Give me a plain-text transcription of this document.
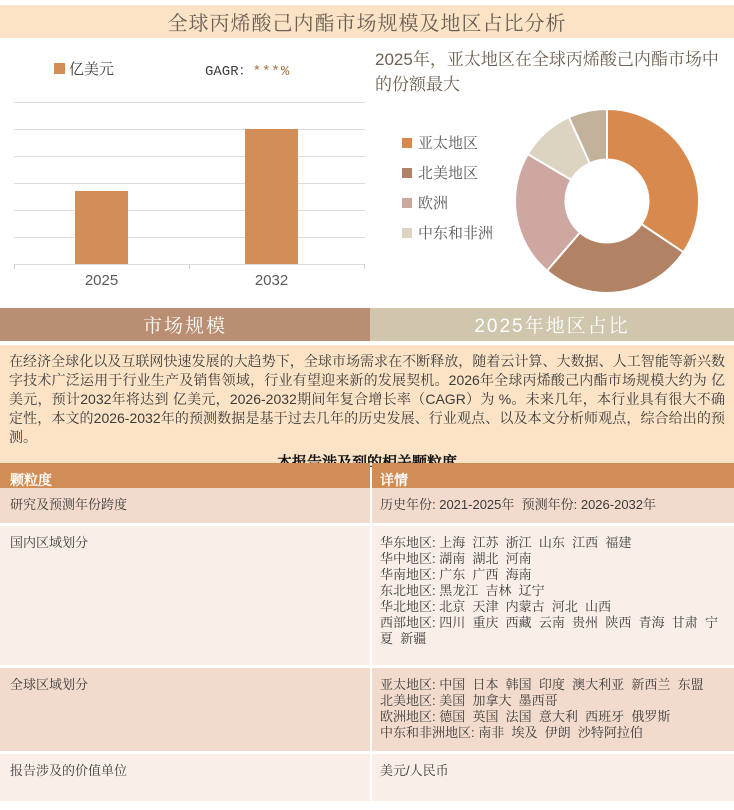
全球丙烯酸己内酯市场规模及地区占比分析
亿美元	GAGR：***%
2025	2032
2025年，亚太地区在全球丙烯酸己内酯市场中的份额最大
亚太地区
北美地区
欧洲
中东和非洲
市场规模	2025年地区占比

在经济全球化以及互联网快速发展的大趋势下，全球市场需求在不断释放，随着云计算、大数据、人工智能等新兴数字技术广泛运用于行业生产及销售领域，行业有望迎来新的发展契机。2026年全球丙烯酸己内酯市场规模大约为 亿美元，预计2032年将达到 亿美元，2026-2032期间年复合增长率（CAGR）为 %。未来几年，本行业具有很大不确定性，本文的2026-2032年的预测数据是基于过去几年的历史发展、行业观点、以及本文分析师观点，综合给出的预测。

颗粒度	详情
研究及预测年份跨度	历史年份: 2021-2025年  预测年份: 2026-2032年
国内区域划分	华东地区: 上海  江苏  浙江  山东  江西  福建
华中地区: 湖南  湖北  河南
华南地区: 广东  广西  海南
东北地区: 黑龙江  吉林  辽宁
华北地区: 北京  天津  内蒙古  河北  山西
西部地区: 四川  重庆  西藏  云南  贵州  陕西  青海  甘肃  宁夏  新疆
全球区域划分	亚太地区: 中国  日本  韩国  印度  澳大利亚  新西兰  东盟
北美地区: 美国  加拿大  墨西哥
欧洲地区: 德国  英国  法国  意大利  西班牙  俄罗斯
中东和非洲地区: 南非  埃及  伊朗  沙特阿拉伯
报告涉及的价值单位	美元/人民币
